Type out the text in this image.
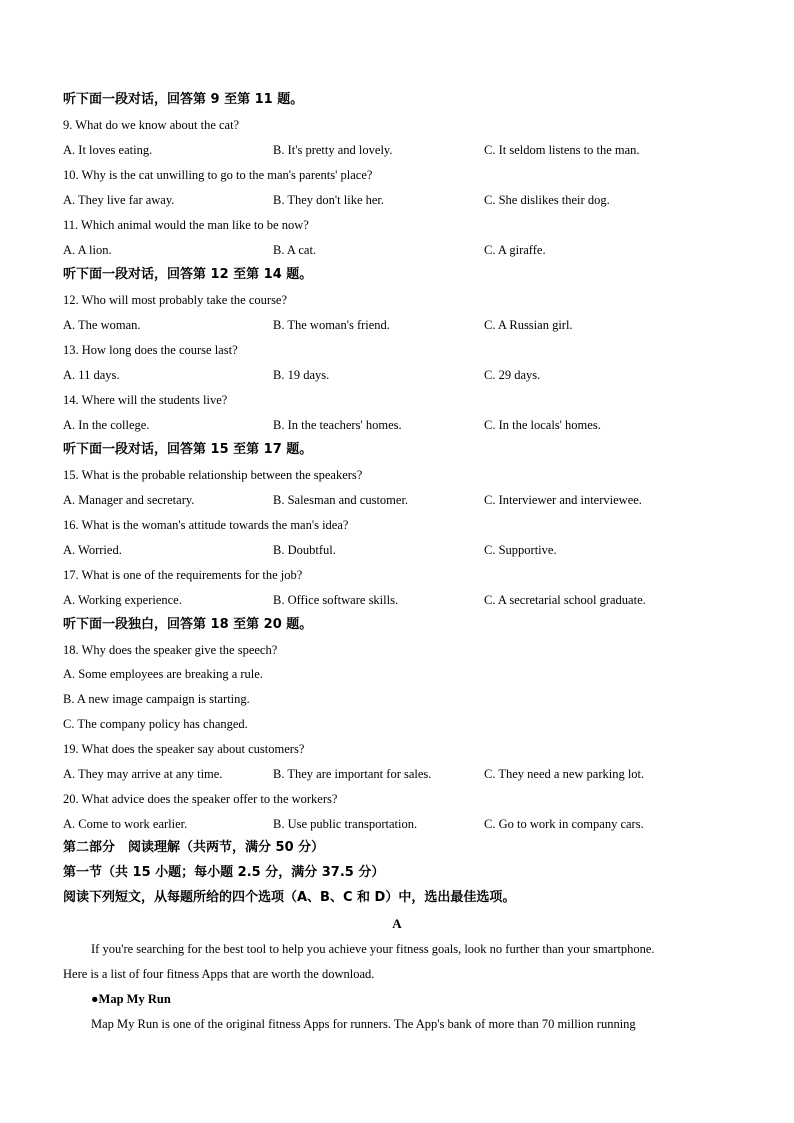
听下面一段对话，回答第 9 至第 11 题。
9. What do we know about the cat?
A. It loves eating.	B. It's pretty and lovely.	C. It seldom listens to the man.
10. Why is the cat unwilling to go to the man's parents' place?
A. They live far away.	B. They don't like her.	C. She dislikes their dog.
11. Which animal would the man like to be now?
A. A lion.	B. A cat.	C. A giraffe.
听下面一段对话，回答第 12 至第 14 题。
12. Who will most probably take the course?
A. The woman.	B. The woman's friend.	C. A Russian girl.
13. How long does the course last?
A. 11 days.	B. 19 days.	C. 29 days.
14. Where will the students live?
A. In the college.	B. In the teachers' homes.	C. In the locals' homes.
听下面一段对话，回答第 15 至第 17 题。
15. What is the probable relationship between the speakers?
A. Manager and secretary.	B. Salesman and customer.	C. Interviewer and interviewee.
16. What is the woman's attitude towards the man's idea?
A. Worried.	B. Doubtful.	C. Supportive.
17. What is one of the requirements for the job?
A. Working experience.	B. Office software skills.	C. A secretarial school graduate.
听下面一段独白，回答第 18 至第 20 题。
18. Why does the speaker give the speech?
A. Some employees are breaking a rule.
B. A new image campaign is starting.
C. The company policy has changed.
19. What does the speaker say about customers?
A. They may arrive at any time.	B. They are important for sales.	C. They need a new parking lot.
20. What advice does the speaker offer to the workers?
A. Come to work earlier.	B. Use public transportation.	C. Go to work in company cars.
第二部分　阅读理解（共两节，满分 50 分）
第一节（共 15 小题；每小题 2.5 分，满分 37.5 分）
阅读下列短文，从每题所给的四个选项（A、B、C 和 D）中，选出最佳选项。
A
If you're searching for the best tool to help you achieve your fitness goals, look no further than your smartphone.
Here is a list of four fitness Apps that are worth the download.
●Map My Run
Map My Run is one of the original fitness Apps for runners. The App's bank of more than 70 million running
